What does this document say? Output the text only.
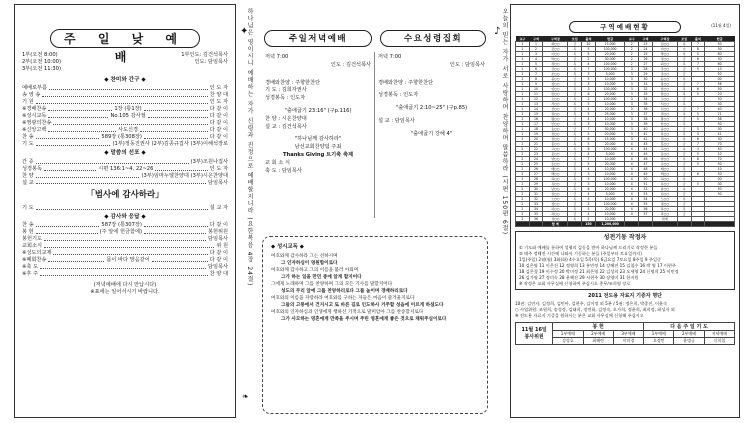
주 일 낮 예 배
1부(오전 8:00)
2부(오전 10:00)
3부(오전 11:30)
1부인도: 김건석목사
인도: 담임목사
◆ 찬미와 간구 ◆
예배로부름	인 도 자
송 영 송	찬 양 대
기 원	인 도 자
※경배찬송	1장 (통1장)	다 같 이
※성시교독	No.105 감사절	다 같 이
※영광의찬송	다 같 이
※신앙고백	사도신경	다 같 이
찬 송	589장 (통308장)	다 같 이
기 도	(1부)정동진권사 (2부)김종규집사 (3부)이해석장로
◆ 말씀의 선포 ◆
간 증	(3부)조원나집사
성경봉독	시편 136:1~4, 22~26	인 도 자
찬 양	(3부)임마누엘찬양대 (3부)시온찬양대
설 교	담임목사
「범사에 감사하라」
기 도	설 교 자
◆ 감사와 응답 ◆
찬 송	587장 (통307장)	다 같 이
봉 헌	(주 앞에 헌금함에)	봉헌위원
봉헌기도	담임목사
교회소식	위 원
※성도의교제	다 같 이
※폐회찬송	몸이 바다 맘음같이	다 같 이
※축 도	담임목사
※후 주	찬 양 대
(저녁예배에 다시 만납시다)
※표에는 일어서시기 바랍니다.
✦
하나님은 영이시니 예배하는 자가 신령과 진정으로 예배할지니라 (요한복음 4장 24절)
❧
♪ 오늘의 믿는 자가 서로 사랑하며 찬양하며 말씀하라 (시편 150편 6절)
주일저녁예배	수요성령집회
저녁 7:00
인도 : 김건석목사
경배와찬양 : 주향한찬단
기 도 : 김희자권사
성경봉독 : 인도자
"출애굽기 23:16" (구p.116)
찬 양 : 시온찬양대
설 교 : 김건석목사
"하나님께 감사하라"
남선교회찬양팀 주최
Thanks Giving 트기축 축제
교 회 소 식
축 도 : 담임목사
저녁 7:00
인도 : 담임목사
경배와찬양 : 주향한찬단
성경봉독 : 인도자
"출애굽기 2:10~25" (구p.85)
설 교 : 담임목사
"출애굽기 강해 4"
◆ 성시교독 ◆
여호와께 감사하라 그는 선하시며
그 인자하심이 영원함이로다
여호와께 감사하고 그의 이름을 불러 아뢰며
그가 하는 일을 만민 중에 알게 할지어다
그에게 노래하며 그를 찬양하며 그의 모든 기사를 말할지어다
성도의 무리 앞에 그를 찬양하리로다 그를 높이며 경배하리로다
여호와의 이름을 자랑하라 여호와를 구하는 자들은 마음이 즐거울지로다
그들의 고통에서 건지시고 또 바른 길로 인도하사 거주할 성읍에 이르게 하셨도다
여호와의 인자하심과 인생에게 행하신 기적으로 말미암아 그를 찬송할지로다
그가 사모하는 영혼에게 만족을 주시며 주린 영혼에게 좋은 것으로 채워주심이로다
구역예배현황	(11월 4일)
교구	구역	구역장	모임	출석	헌금	교구	구역	구역장	모임	출석	헌금
1	1	최○○	금	10	15,000	2	23	김○○	목	7	50
1	2	김○○	목	5	100,000	2	24	이○○	수	8	30
1	3	이○○	목	5	20,000	2	25	박○○	목	5	80
1	4	박○○	금	2	30,000	2	26	정○○	금	6	30
1	5	정○○	목	4	100,000	2	27	최○○	목	7	60
1	6	강○○	목	7	100,000	3	28	강○○	금	5	13
1	7	조○○	목	3	5,000	3	29	조○○	금		50
1	8	윤○○	금	5	10,000	3	30	윤○○	목		00
1	9	장○○	금	3	10,000	3	31	장○○	금	7	56
1	10	임○○	목	3	100,000	3	32	임○○	목	6	50
1	11	한○○	금	6	20,000	3	33	한○○	목	5	20
1	12	오○○	목	2	100,000	3	34	오○○	금		50
1	13	서○○	목	5	10,000	3	35	서○○	목		30
1	14	신○○	금	4	20,000	3	36	신○○	금	7	40
1	15	권○○	목	5	25,000	3	37	권○○	목	5	21
1	16	황○○	금	4	10,000	3	38	황○○	금	5	58
1	17	안○○	목	3	10,000	3	39	안○○	목		50
1	18	송○○	금	7	50,000	3	40	송○○	금	5	30
1	19	류○○	목	5	20,000	3	41	류○○	목	3	41
2	20	전○○	금	8	15,000	3	42	전○○	목	6	30
2	21	홍○○	목	5	20,000	4	43	홍○○	금	7	70
2	22	고○○	목	6	100,000	4	44	고○○	목	3	50
2	23	문○○	금	4	5,000	4	45	문○○	금	5	10
2	24	양○○	목	7	10,000	4	46	양○○	목	8	70
2	25	손○○	금	5	20,000	4	47	손○○	금	5	50
2	26	배○○	목	4	10,000	4	48	배○○	목		10
2	27	백○○	금	3	10,000	4	49	백○○	금	6	50
2	28	허○○	목	5	100,000	4	50	허○○	목		00
2	29	유○○	금	3	10,000	4	51	유○○	금	5	30
2	30	남○○	목	6	20,000	4	52	남○○	목		50
2	31	심○○	금	4	5,000	4	53	심○○	금		50
2	32	노○○	목	5	10,000	4	54	노○○	목		
2	33	정○○	금	3	100,000	4	55	정○○	금		
2	34	하○○	목	5	20,000	4	56	하○○	목		
2	35	곽○○	금	4	10,000	4	57	곽○○	금		
2	36	성○○	목	5	10,000			합계			
		합 계		150	1,200,000						
성전기동 작정자
① 기도와 예배를 통하여 성령의 감동을 받아 하나님께 드리기로 작정한 분들
② 매주 정해진 시간에 나와서 기동하는 분들 (주일부터 토요일까지)
1일(주일) 2월(월) 3화(화) 4수요일 5목(목) 6금요일 7토요일 8주일 9 주일중
10 김은영 11 이은진 12 정영희 13 홍민정 14 강혜진 15 김철수 16 박 영 17 이현주
18 김은경 19 이수정 20 박미정 21 최은영 22 김성희 23 오세영 24 신명희 25 이민정
26 김가영 27 정미숙 28 윤혜진 29 서현주 30 장영미 31 한지원
※ 작정은 교회 사무실에 신청하여 주십시오 총무/조희영 장로
2011 전도용 자료지 기증자 명단
10권: 김연자, 김정희, 김민아, 김현주, 김이정 외 5분 / 5권: 정은희, 박종진, 이윤숙
○ 사업위원: 조원희, 송성정, 김태희, 정연화, 김정숙, 오가희, 정윤희, 최희정, 최성자 외
※ 전도용 자료지 기증을 원하시는 분은 교회 사무실에 신청해 주십시오
11월 16일
봉사위원	봉 헌			다 음 주 일 기 도		
	1부예배	2부예배	3부예배	1부예배	2부예배	저녁예배
	강성호	최해란	이미경	오정민	윤병규	신희철
